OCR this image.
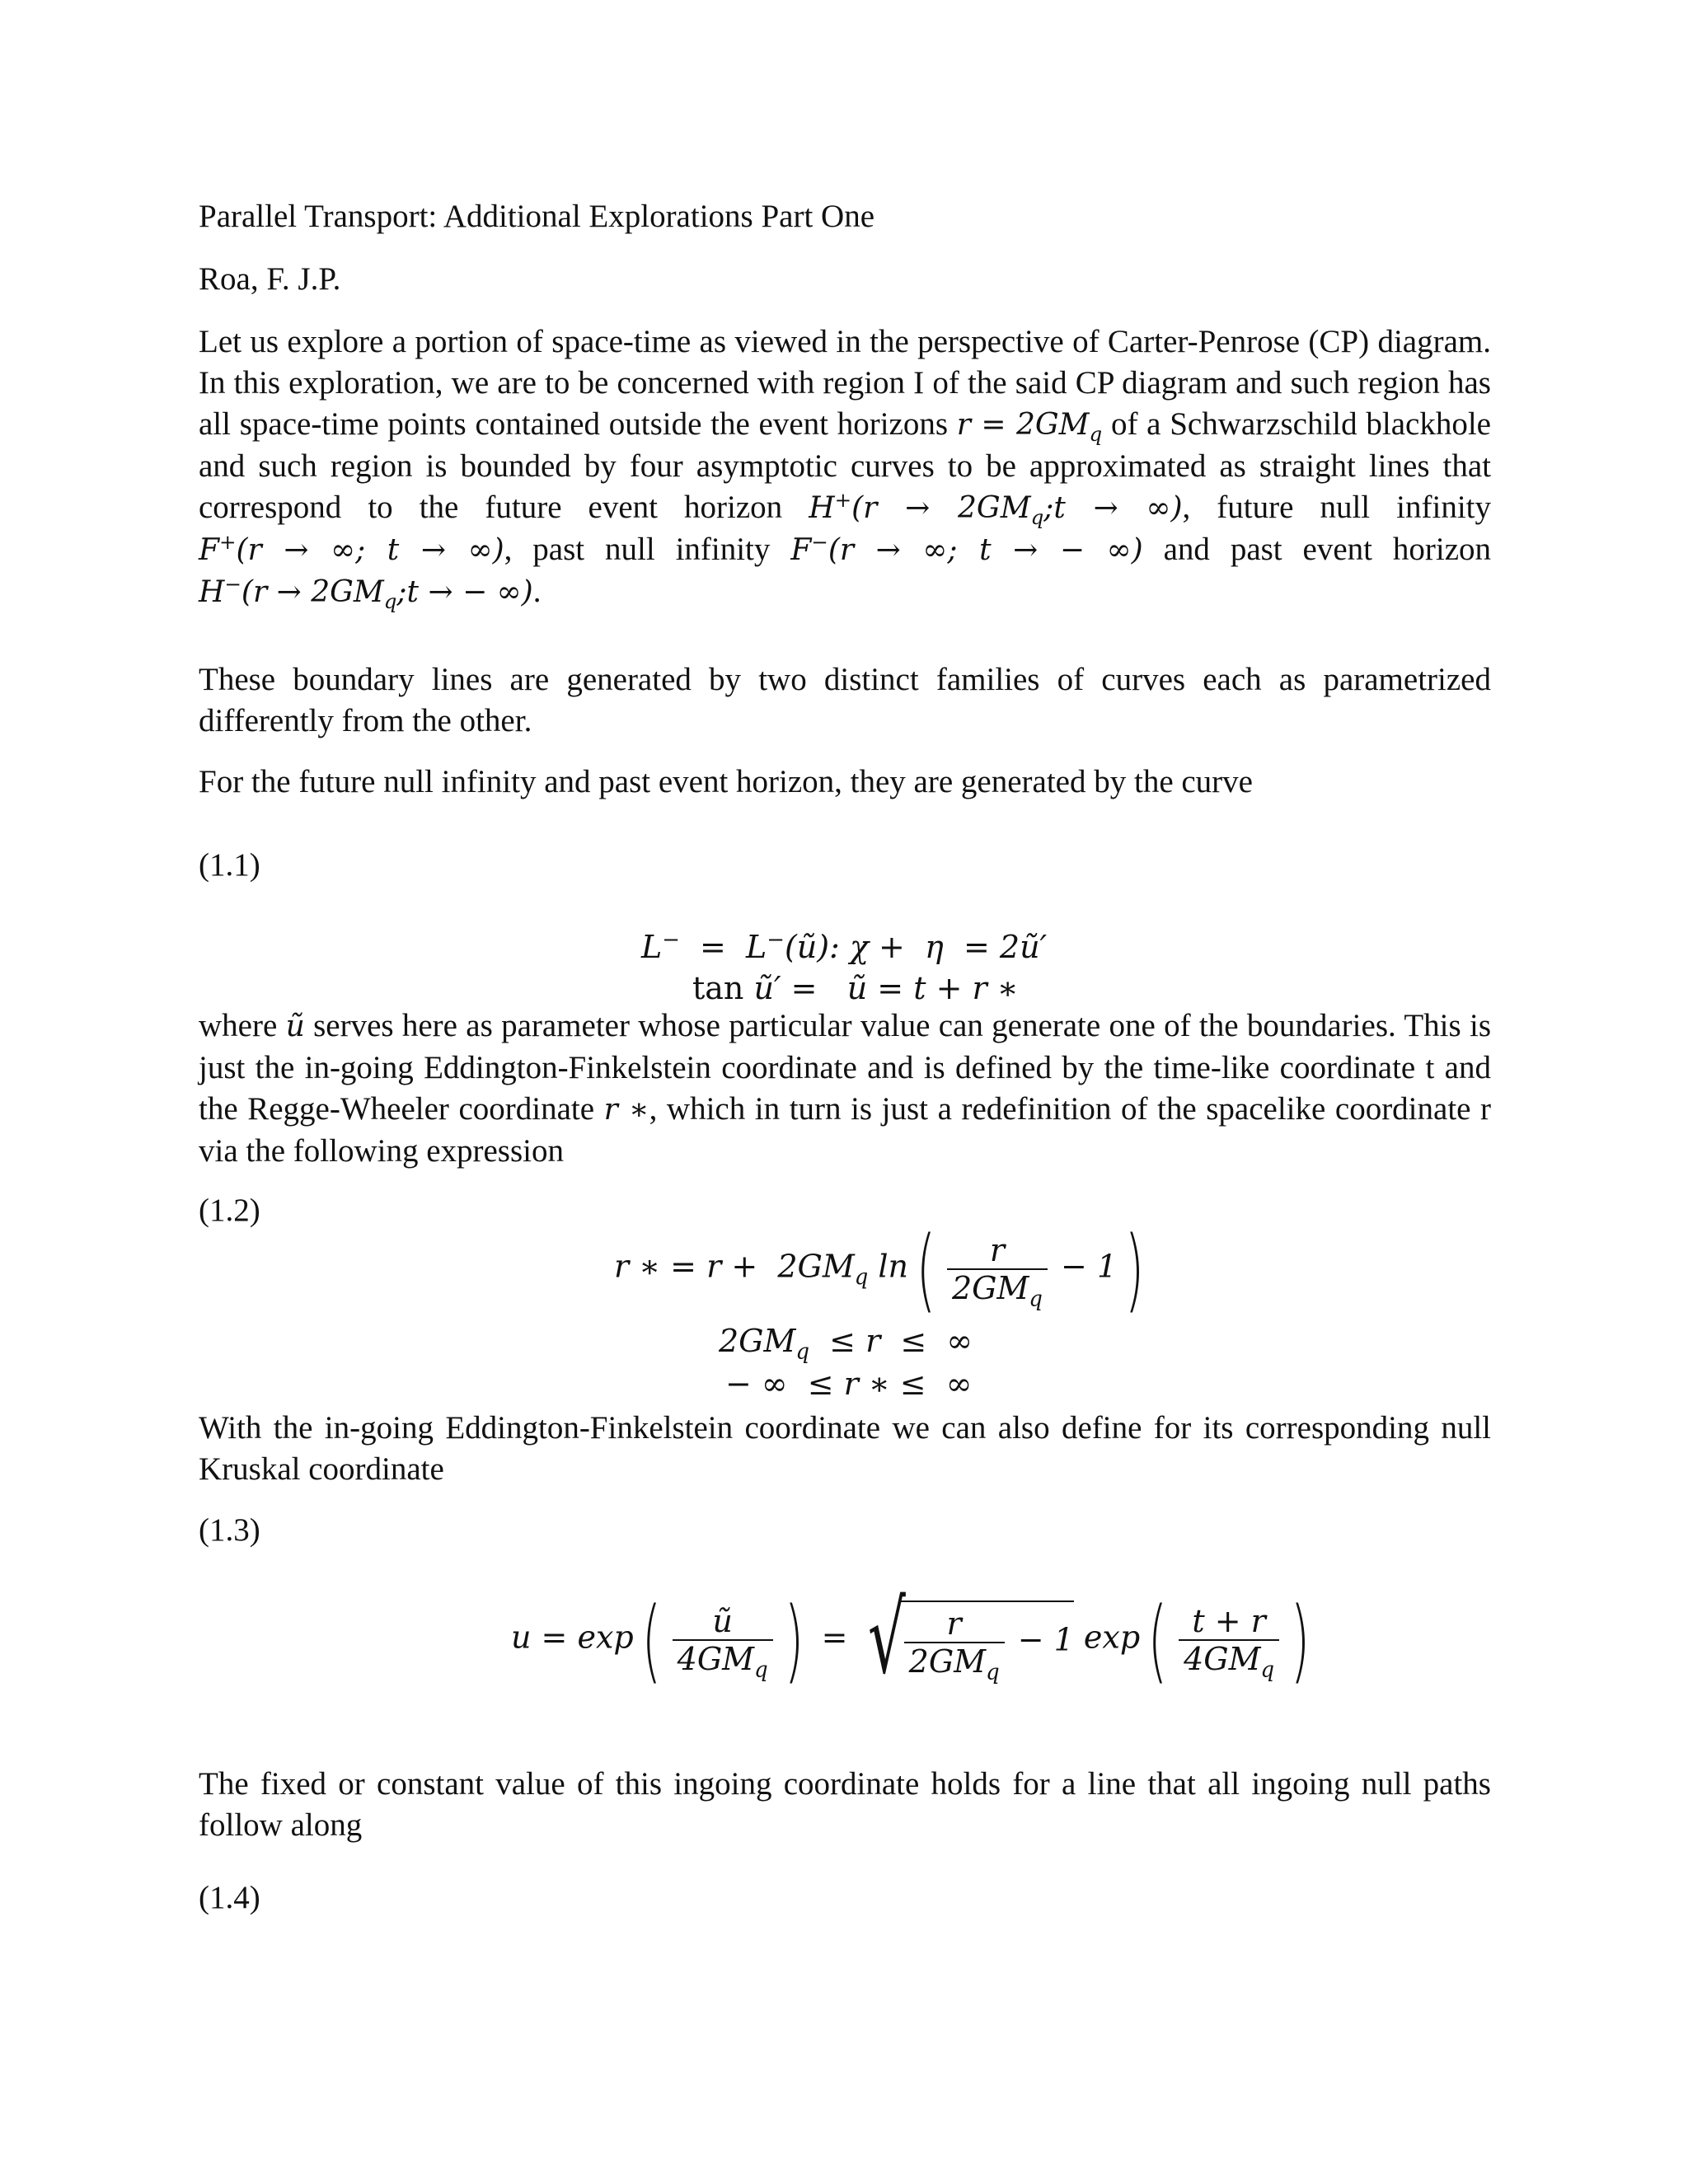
Parallel Transport: Additional Explorations Part One
Roa, F. J.P.
Let us explore a portion of space-time as viewed in the perspective of Carter-Penrose (CP) diagram. In this exploration, we are to be concerned with region I of the said CP diagram and such region has all space-time points contained outside the event horizons $r = 2GM_q$ of a Schwarzschild blackhole and such region is bounded by four asymptotic curves to be approximated as straight lines that correspond to the future event horizon $H^+(r \to 2GM_q;t$ → ∞), future null infinity F+(r → ∞; t → ∞), past null infinity F−(r → ∞; t → − ∞) and past event horizon $H^-(r \to 2GM_q;t$ → − ∞).
These boundary lines are generated by two distinct families of curves each as parametrized differently from the other.
For the future null infinity and past event horizon, they are generated by the curve
(1.1)
L−  =  L−(ũ): χ +  η  = 2ũ′
tan ũ′ =   ũ = t + r ∗
where ũ serves here as parameter whose particular value can generate one of the boundaries. This is just the in-going Eddington-Finkelstein coordinate and is defined by the time-like coordinate t and the Regge-Wheeler coordinate r ∗, which in turn is just a redefinition of the spacelike coordinate r via the following expression
(1.2)
r ∗ = $r + 2GM_q$ $\ln( \frac{r}{2GM_q} - 1)$
$2GM_q \le r$  ≤  ∞
− ∞  ≤ r ∗ ≤  ∞
With the in-going Eddington-Finkelstein coordinate we can also define for its corresponding null Kruskal coordinate
(1.3)
$u = \exp( \frac{ũ}{4GM_q}$ ) = √
$\frac{r}{2GM_q} - 1$ $\exp( \frac{t + r}{4GM_q}$ )
The fixed or constant value of this ingoing coordinate holds for a line that all ingoing null paths follow along
(1.4)
